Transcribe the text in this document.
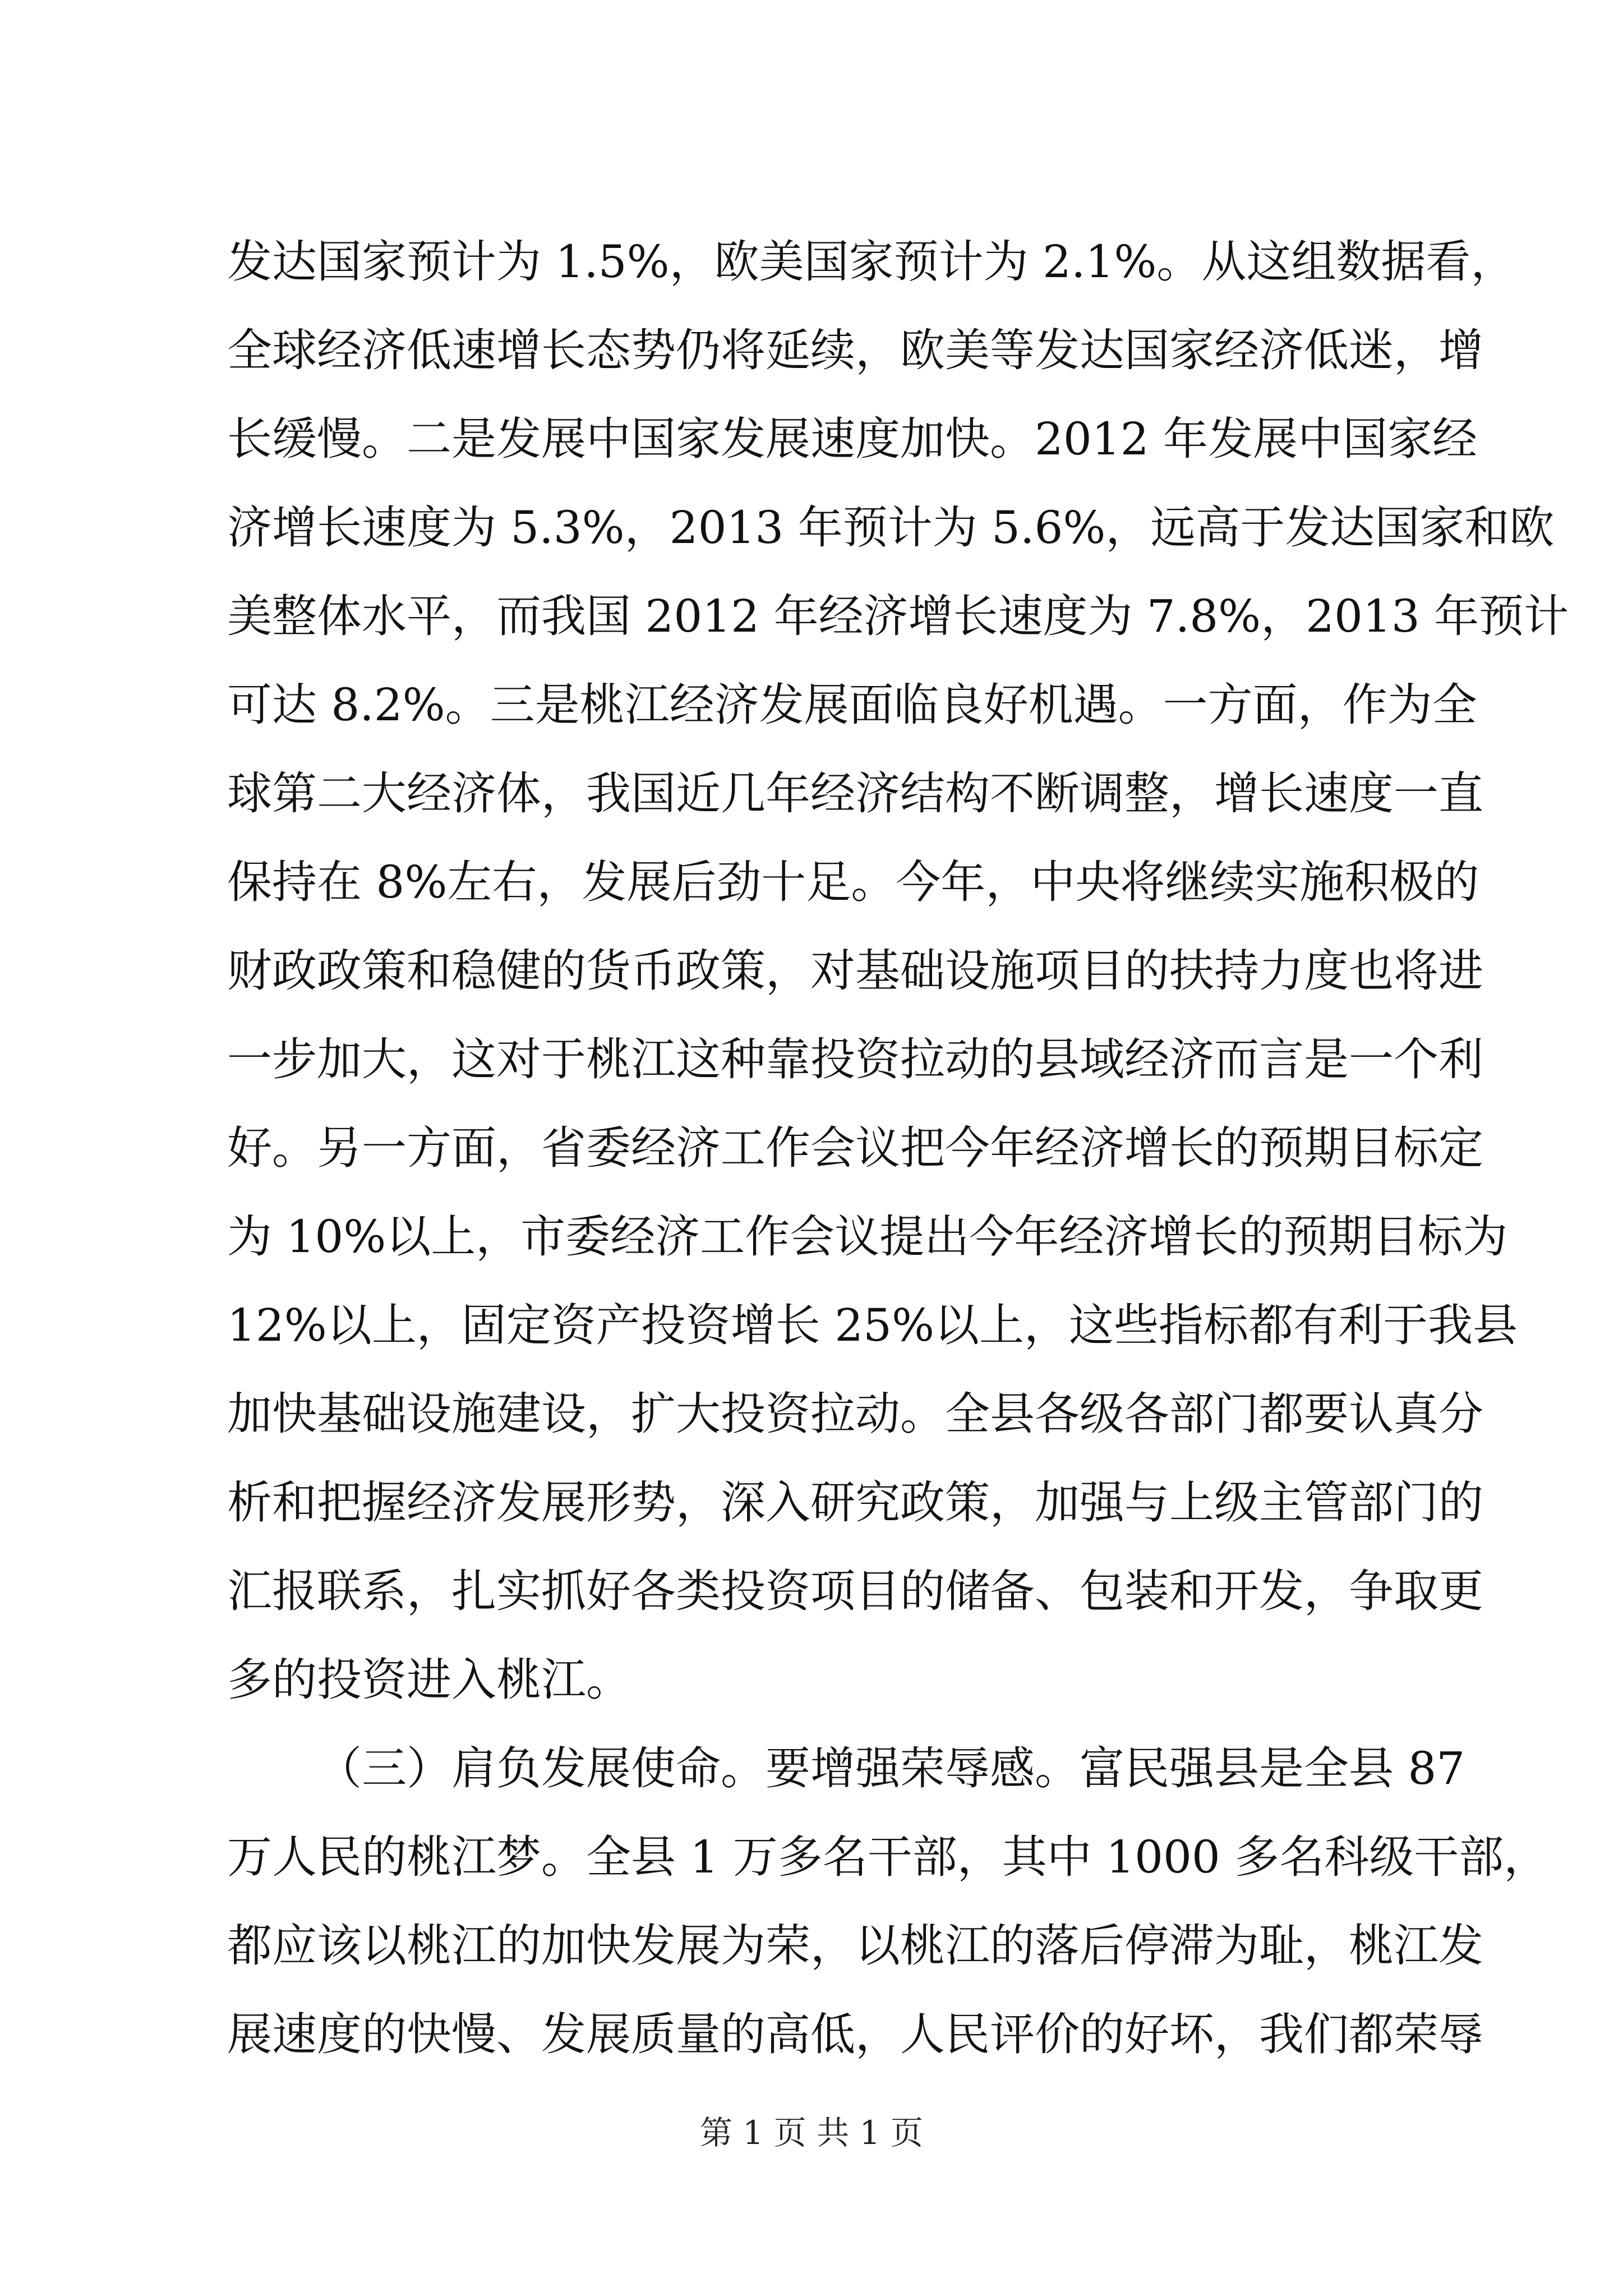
发达国家预计为 1.5%，欧美国家预计为 2.1%。从这组数据看，
全球经济低速增长态势仍将延续，欧美等发达国家经济低迷，增
长缓慢。二是发展中国家发展速度加快。2012 年发展中国家经
济增长速度为 5.3%，2013 年预计为 5.6%，远高于发达国家和欧
美整体水平，而我国 2012 年经济增长速度为 7.8%，2013 年预计
可达 8.2%。三是桃江经济发展面临良好机遇。一方面，作为全
球第二大经济体，我国近几年经济结构不断调整，增长速度一直
保持在 8%左右，发展后劲十足。今年，中央将继续实施积极的
财政政策和稳健的货币政策，对基础设施项目的扶持力度也将进
一步加大，这对于桃江这种靠投资拉动的县域经济而言是一个利
好。另一方面，省委经济工作会议把今年经济增长的预期目标定
为 10%以上，市委经济工作会议提出今年经济增长的预期目标为
12%以上，固定资产投资增长 25%以上，这些指标都有利于我县
加快基础设施建设，扩大投资拉动。全县各级各部门都要认真分
析和把握经济发展形势，深入研究政策，加强与上级主管部门的
汇报联系，扎实抓好各类投资项目的储备、包装和开发，争取更
多的投资进入桃江。
（三）肩负发展使命。要增强荣辱感。富民强县是全县 87
万人民的桃江梦。全县 1 万多名干部，其中 1000 多名科级干部，
都应该以桃江的加快发展为荣，以桃江的落后停滞为耻，桃江发
展速度的快慢、发展质量的高低，人民评价的好坏，我们都荣辱
第 1 页 共 1 页
